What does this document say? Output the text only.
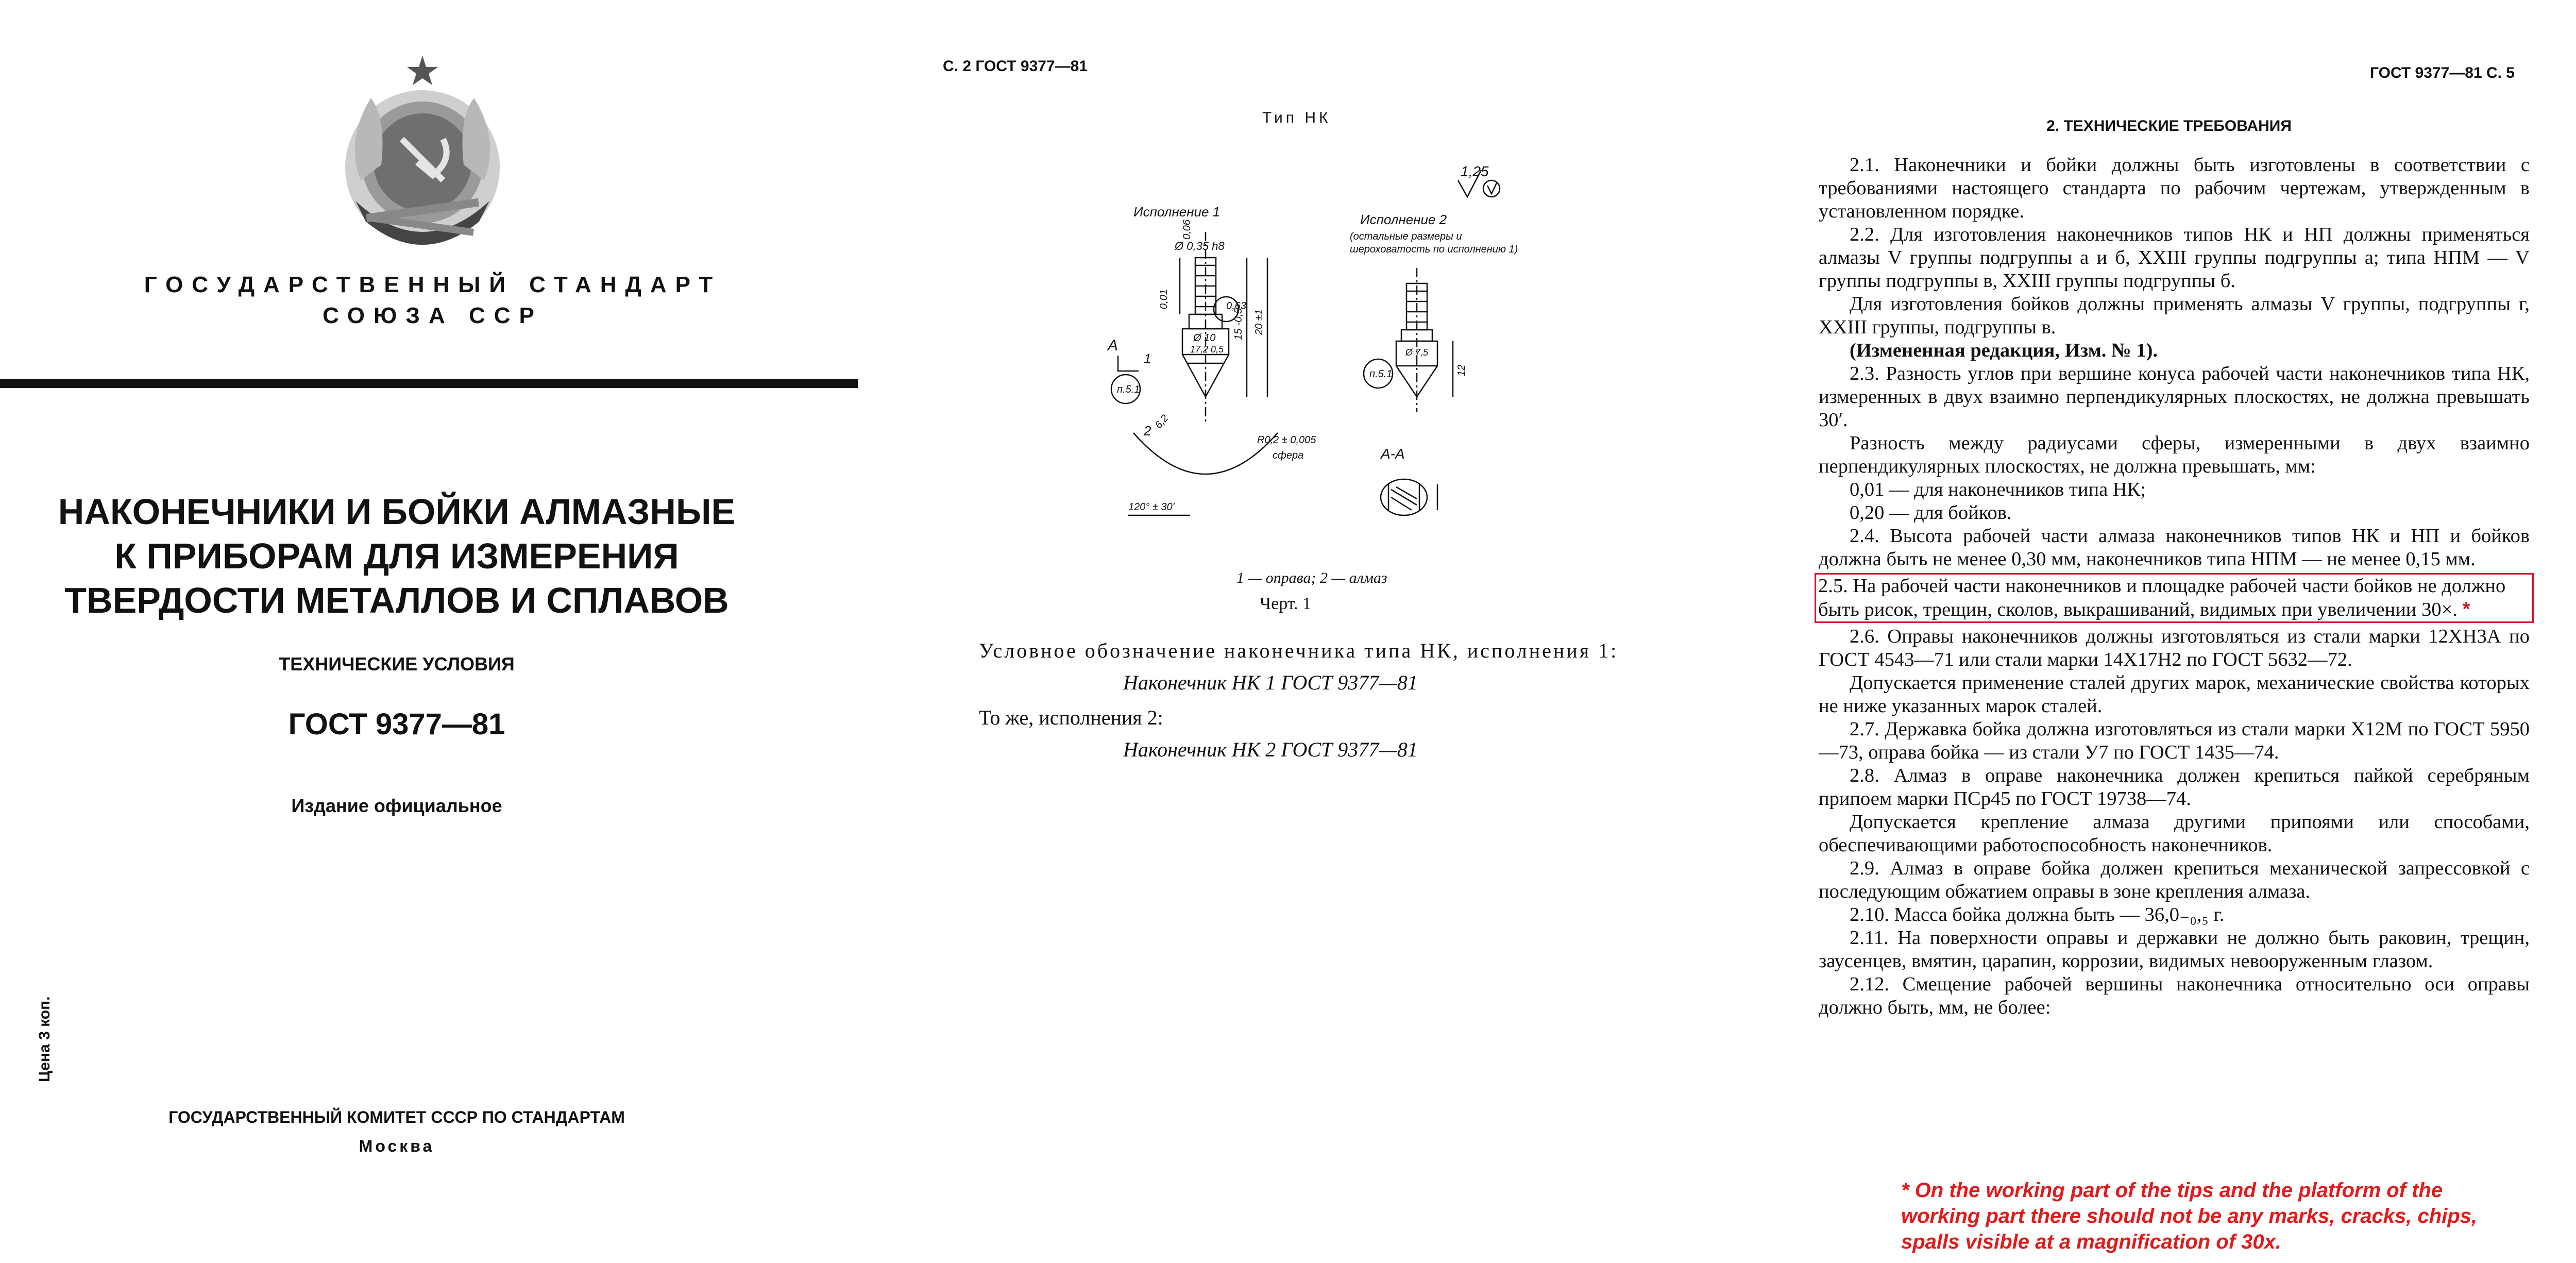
ГОСУДАРСТВЕННЫЙ СТАНДАРТ
СОЮЗА ССР
НАКОНЕЧНИКИ И БОЙКИ АЛМАЗНЫЕ
К ПРИБОРАМ ДЛЯ ИЗМЕРЕНИЯ
ТВЕРДОСТИ МЕТАЛЛОВ И СПЛАВОВ
ТЕХНИЧЕСКИЕ УСЛОВИЯ
ГОСТ 9377—81
Издание официальное
Цена 3 коп.
ГОСУДАРСТВЕННЫЙ КОМИТЕТ СССР ПО СТАНДАРТАМ
Москва
С. 2 ГОСТ 9377—81
Тип НК
1,25
Исполнение 1
Ø 0,35 h8
Ø 10
17,2 0,5
0,01
0,06
15 -0,5 20 ±1
0,63
А
п.5.1
1
2 6,2
R0,2 ± 0,005
сфера
120° ± 30'
Исполнение 2
(остальные размеры и
шероховатость по исполнению 1)
Ø 7,5
12
п.5.1
А-А
1 — оправа; 2 — алмаз
Черт. 1
Условное обозначение наконечника типа НК, исполнения 1:
Наконечник НК 1 ГОСТ 9377—81
То же, исполнения 2:
Наконечник НК 2 ГОСТ 9377—81
ГОСТ 9377—81 С. 5
2. ТЕХНИЧЕСКИЕ ТРЕБОВАНИЯ

2.1. Наконечники и бойки должны быть изготовлены в соответствии с требованиями настоящего стандарта по рабочим чертежам, утвержденным в установленном порядке.

2.2. Для изготовления наконечников типов НК и НП должны применяться алмазы V группы подгруппы а и б, XXIII группы подгруппы а; типа НПМ — V группы подгруппы в, XXIII группы подгруппы б.

Для изготовления бойков должны применять алмазы V группы, подгруппы г, XXIII группы, подгруппы в.

(Измененная редакция, Изм. № 1).

2.3. Разность углов при вершине конуса рабочей части наконечников типа НК, измеренных в двух взаимно перпендикулярных плоскостях, не должна превышать 30′.

Разность между радиусами сферы, измеренными в двух взаимно перпендикулярных плоскостях, не должна превышать, мм:

0,01 — для наконечников типа НК;

0,20 — для бойков.

2.4. Высота рабочей части алмаза наконечников типов НК и НП и бойков должна быть не менее 0,30 мм, наконечников типа НПМ — не менее 0,15 мм.

2.5. На рабочей части наконечников и площадке рабочей части бойков не должно быть рисок, трещин, сколов, выкрашиваний, видимых при увеличении 30×. *

2.6. Оправы наконечников должны изготовляться из стали марки 12ХН3А по ГОСТ 4543—71 или стали марки 14Х17Н2 по ГОСТ 5632—72.

Допускается применение сталей других марок, механические свойства которых не ниже указанных марок сталей.

2.7. Державка бойка должна изготовляться из стали марки Х12М по ГОСТ 5950—73, оправа бойка — из стали У7 по ГОСТ 1435—74.

2.8. Алмаз в оправе наконечника должен крепиться пайкой серебряным припоем марки ПСр45 по ГОСТ 19738—74.

Допускается крепление алмаза другими припоями или способами, обеспечивающими работоспособность наконечников.

2.9. Алмаз в оправе бойка должен крепиться механической запрессовкой с последующим обжатием оправы в зоне крепления алмаза.

2.10. Масса бойка должна быть — 36,0₋₀,₅ г.

2.11. На поверхности оправы и державки не должно быть раковин, трещин, заусенцев, вмятин, царапин, коррозии, видимых невооруженным глазом.

2.12. Смещение рабочей вершины наконечника относительно оси оправы должно быть, мм, не более:

* On the working part of the tips and the platform of the working part there should not be any marks, cracks, chips, spalls visible at a magnification of 30x.
